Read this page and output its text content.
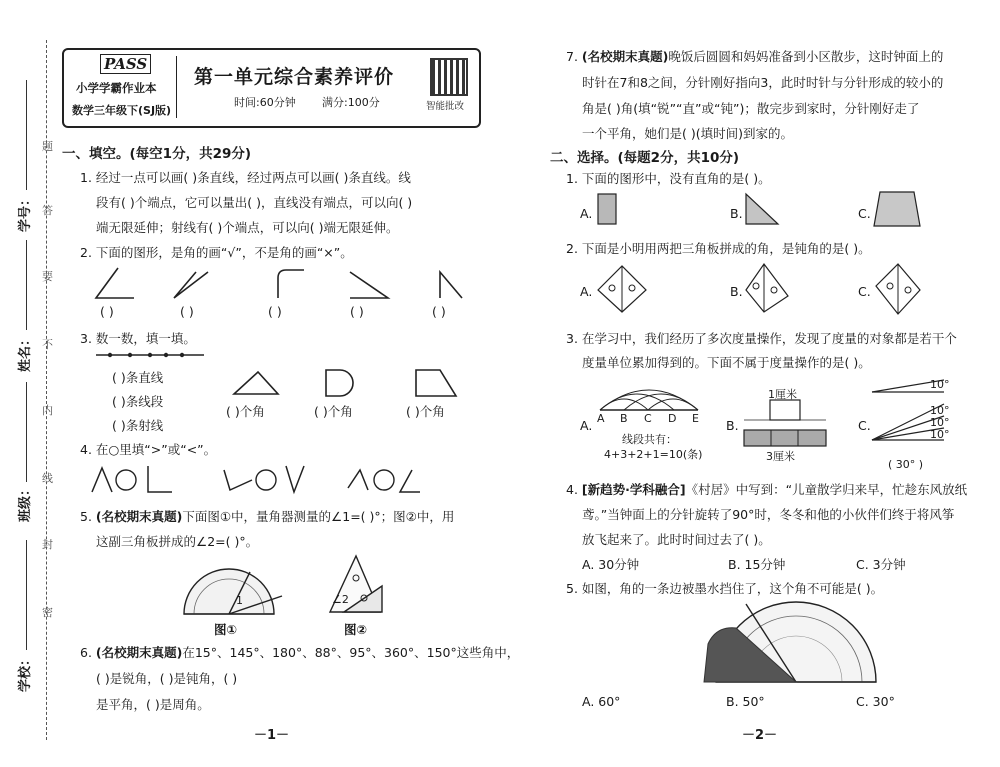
学号：
姓名：
班级：
学校：
题
答
要
不
内
线
封
密
PASS
小学学霸作业本
数学三年级下(SJ版)
第一单元综合素养评价
时间:60分钟 满分:100分	智能批改
一、填空。(每空1分，共29分)
1. 经过一点可以画( )条直线，经过两点可以画( )条直线。线
段有( )个端点，它可以量出( )，直线没有端点，可以向( )
端无限延伸；射线有( )个端点，可以向( )端无限延伸。
2. 下面的图形，是角的画“√”，不是角的画“×”。
( )	( )	( )	( )	( )
3. 数一数，填一填。
( )条直线
( )条线段
( )条射线
( )个角	( )个角	( )个角
4. 在○里填“>”或“<”。
5. (名校期末真题)下面图①中，量角器测量的∠1=( )°；图②中，用
这副三角板拼成的∠2=( )°。
1	∠2
图①	图②
6. (名校期末真题)在15°、145°、180°、88°、95°、360°、150°这些角中，
( )是锐角，( )是钝角，( )
是平角，( )是周角。
－1－
7. (名校期末真题)晚饭后圆圆和妈妈准备到小区散步，这时钟面上的
时针在7和8之间，分针刚好指向3，此时时针与分针形成的较小的
角是( )角(填“锐”“直”或“钝”)；散完步到家时，分针刚好走了
一个平角，她们是( )(填时间)到家的。
二、选择。(每题2分，共10分)
1. 下面的图形中，没有直角的是( )。
A.	B.	C.
2. 下面是小明用两把三角板拼成的角，是钝角的是( )。
A.	B.	C.
3. 在学习中，我们经历了多次度量操作，发现了度量的对象都是若干个
度量单位累加得到的。下面不属于度量操作的是( )。
A.	B.	C.
A B C D E
线段共有：
4+3+2+1=10(条)
1厘米
3厘米
10°
10°
10°
10°
( 30° )
4. [新趋势·学科融合]《村居》中写到：“儿童散学归来早，忙趁东风放纸
鸢。”当钟面上的分针旋转了90°时，冬冬和他的小伙伴们终于将风筝
放飞起来了。此时时间过去了( )。
A. 30分钟	B. 15分钟	C. 3分钟
5. 如图，角的一条边被墨水挡住了，这个角不可能是( )。
A. 60°	B. 50°	C. 30°
－2－
